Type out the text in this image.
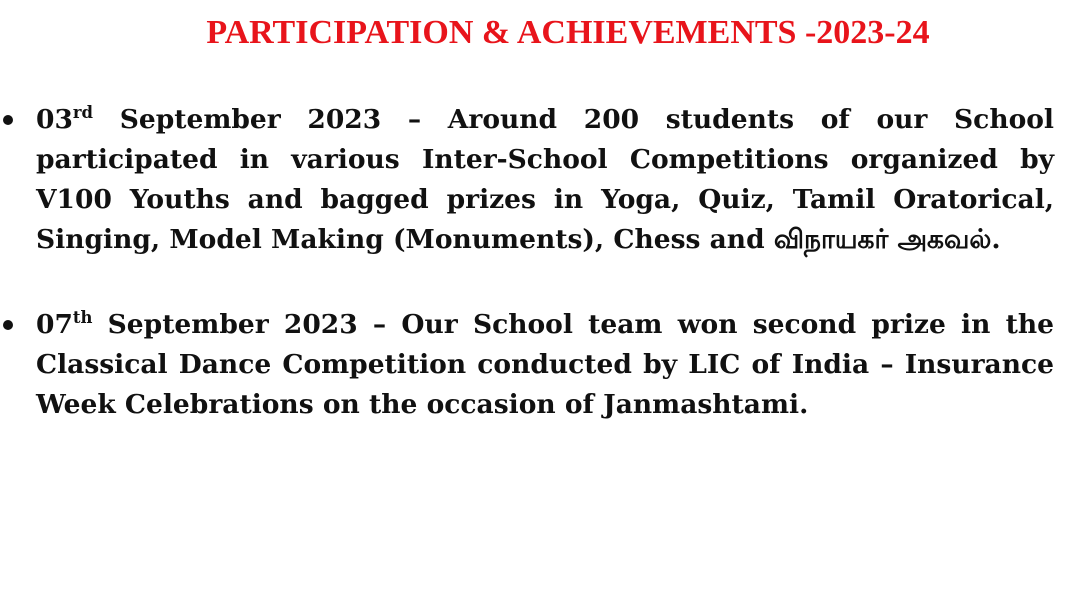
PARTICIPATION & ACHIEVEMENTS -2023-24
03rd September 2023 – Around 200 students of our School participated in various Inter-School Competitions organized by V100 Youths and bagged prizes in Yoga, Quiz, Tamil Oratorical, Singing, Model Making (Monuments), Chess and விநாயகர் அகவல்.
07th September 2023 – Our School team won second prize in the Classical Dance Competition conducted by LIC of India – Insurance Week Celebrations on the occasion of Janmashtami.
